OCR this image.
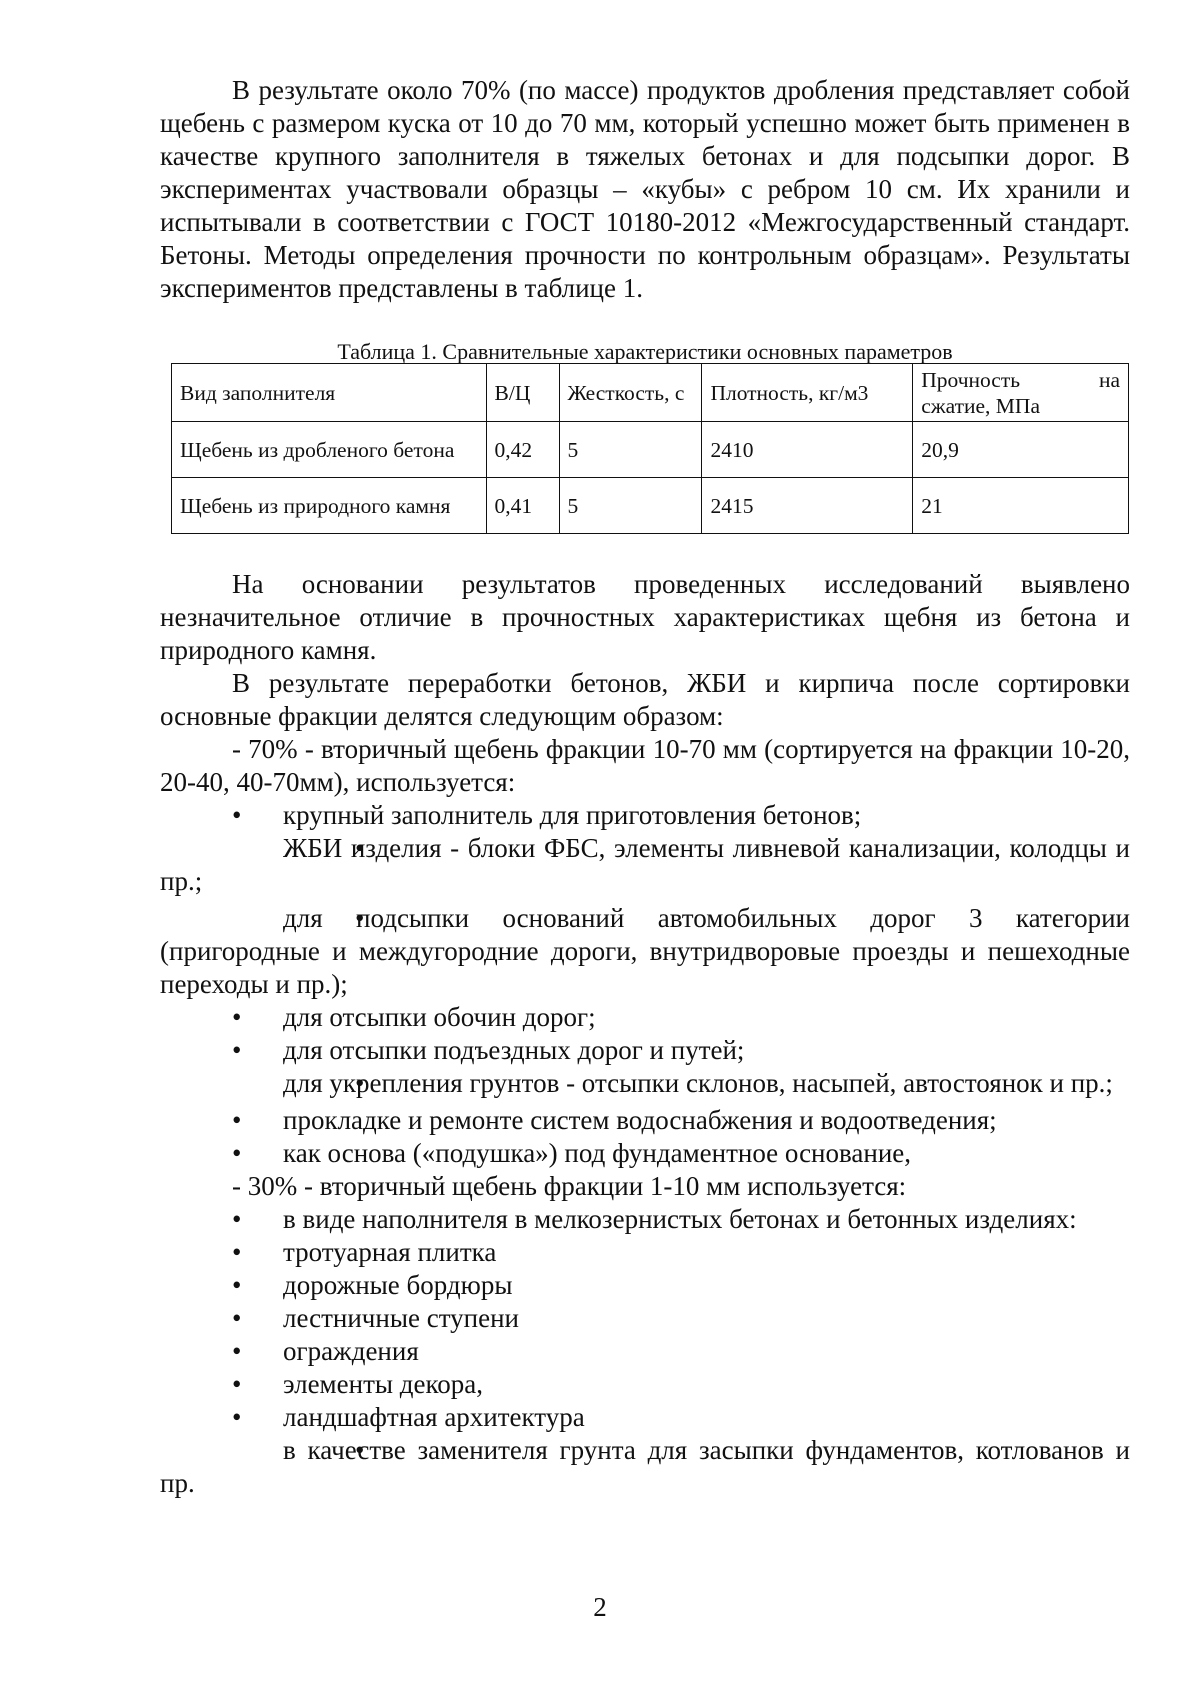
В результате около 70% (по массе) продуктов дробления представляет собой щебень с размером куска от 10 до 70 мм, который успешно может быть применен в качестве крупного заполнителя в тяжелых бетонах и для подсыпки дорог. В экспериментах участвовали образцы – «кубы» с ребром 10 см. Их хранили и испытывали в соответствии с ГОСТ 10180-2012 «Межгосударственный стандарт. Бетоны. Методы определения прочности по контрольным образцам». Результаты экспериментов представлены в таблице 1.

Таблица 1. Сравнительные характеристики основных параметров
Вид заполнителя	В/Ц	Жесткость, с	Плотность, кг/м3	Прочность на сжатие, МПа
Щебень из дробленого бетона	0,42	5	2410	20,9
Щебень из природного камня	0,41	5	2415	21

На основании результатов проведенных исследований выявлено незначительное отличие в прочностных характеристиках щебня из бетона и природного камня.

В результате переработки бетонов, ЖБИ и кирпича после сортировки основные фракции делятся следующим образом:

- 70% - вторичный щебень фракции 10-70 мм (сортируется на фракции 10-20, 20-40, 40-70мм), используется:

• крупный заполнитель для приготовления бетонов;

• ЖБИ изделия - блоки ФБС, элементы ливневой канализации, колодцы и пр.;

• для подсыпки оснований автомобильных дорог 3 категории (пригородные и междугородние дороги, внутридворовые проезды и пешеходные переходы и пр.);

• для отсыпки обочин дорог;

• для отсыпки подъездных дорог и путей;

• для укрепления грунтов - отсыпки склонов, насыпей, автостоянок и пр.;

• прокладке и ремонте систем водоснабжения и водоотведения;

• как основа («подушка») под фундаментное основание,

- 30% - вторичный щебень фракции 1-10 мм используется:

• в виде наполнителя в мелкозернистых бетонах и бетонных изделиях:

• тротуарная плитка

• дорожные бордюры

• лестничные ступени

• ограждения

• элементы декора,

• ландшафтная архитектура

• в качестве заменителя грунта для засыпки фундаментов, котлованов и пр.

2
